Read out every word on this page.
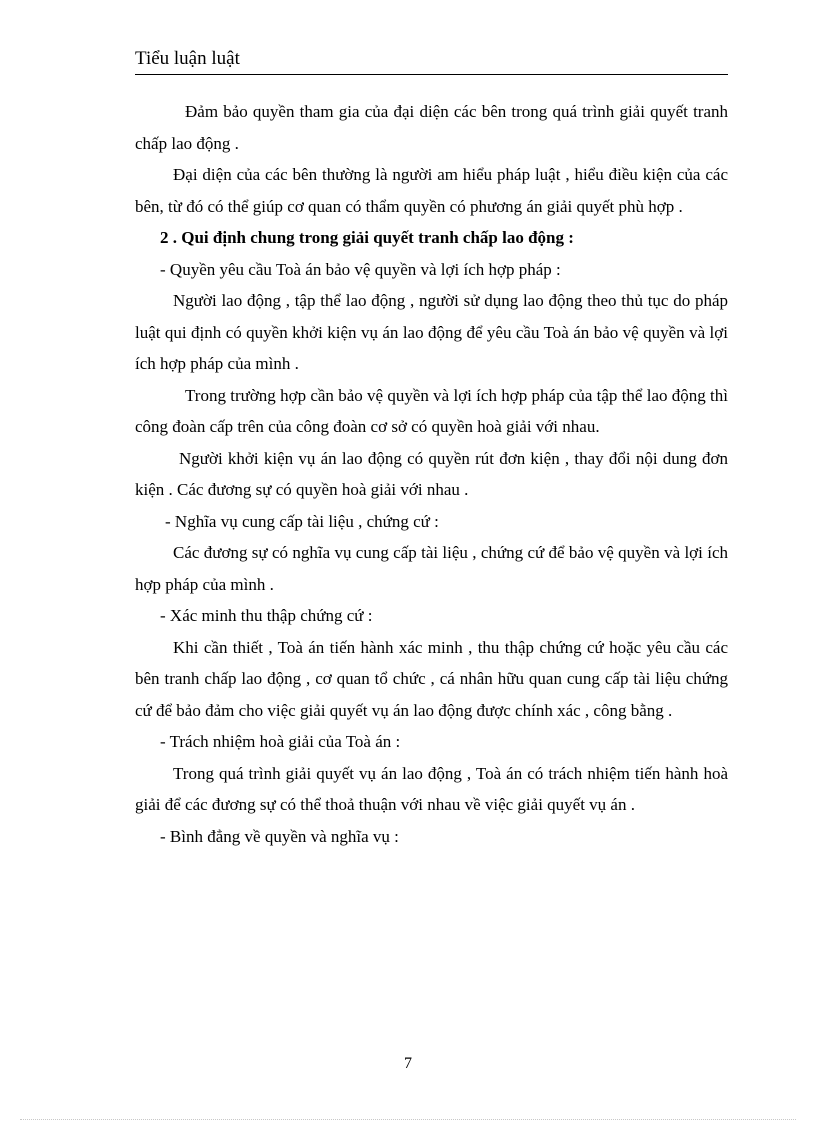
Tiểu luận luật

Đảm bảo quyền tham gia của đại diện các bên trong quá trình giải quyết tranh chấp lao động .

Đại diện của các bên thường là người am hiểu pháp luật , hiểu điều kiện của các bên, từ đó có thể giúp cơ quan có thẩm quyền có phương án giải quyết phù hợp .

2 . Qui định chung trong giải quyết tranh chấp lao động :

- Quyền yêu cầu Toà án bảo vệ quyền và lợi ích hợp pháp :

Người lao động , tập thể lao động , người sử dụng lao động theo thủ tục do pháp luật qui định có quyền khởi kiện vụ án lao động để yêu cầu Toà án bảo vệ quyền và lợi ích hợp pháp của mình .

Trong trường hợp cần bảo vệ quyền và lợi ích hợp pháp của tập thể lao động thì công đoàn cấp trên của công đoàn cơ sở có quyền hoà giải với nhau.

Người khởi kiện vụ án lao động có quyền rút đơn kiện , thay đổi nội dung đơn kiện . Các đương sự có quyền hoà giải với nhau .

- Nghĩa vụ cung cấp tài liệu , chứng cứ :

Các đương sự có nghĩa vụ cung cấp tài liệu , chứng cứ để bảo vệ quyền và lợi ích hợp pháp của mình .

- Xác minh thu thập chứng cứ :

Khi cần thiết , Toà án tiến hành xác minh , thu thập chứng cứ hoặc yêu cầu các bên tranh chấp lao động , cơ quan tổ chức , cá nhân hữu quan cung cấp tài liệu chứng cứ để bảo đảm cho việc giải quyết vụ án lao động được chính xác , công bằng .

- Trách nhiệm hoà giải của Toà án :

Trong quá trình giải quyết vụ án lao động , Toà án có trách nhiệm tiến hành hoà giải để các đương sự có thể thoả thuận với nhau về việc giải quyết vụ án .

- Bình đẳng về quyền và nghĩa vụ :

7
